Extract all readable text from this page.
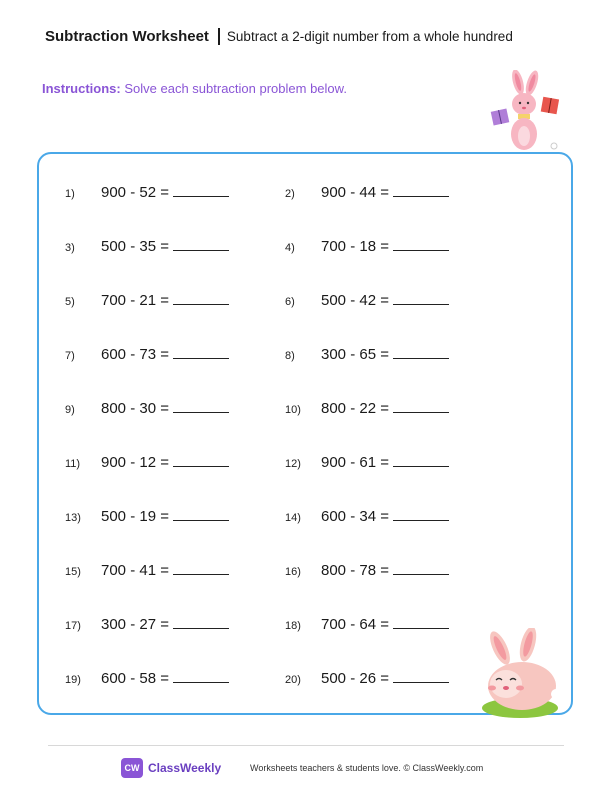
Subtraction Worksheet Subtract a 2-digit number from a whole hundred
Instructions: Solve each subtraction problem below.
1)	900 - 52 =	2)	900 - 44 =
3)	500 - 35 =	4)	700 - 18 =
5)	700 - 21 =	6)	500 - 42 =
7)	600 - 73 =	8)	300 - 65 =
9)	800 - 30 =	10)	800 - 22 =
11)	900 - 12 =	12)	900 - 61 =
13)	500 - 19 =	14)	600 - 34 =
15)	700 - 41 =	16)	800 - 78 =
17)	300 - 27 =	18)	700 - 64 =
19)	600 - 58 =	20)	500 - 26 =
CW ClassWeekly	Worksheets teachers & students love. © ClassWeekly.com
